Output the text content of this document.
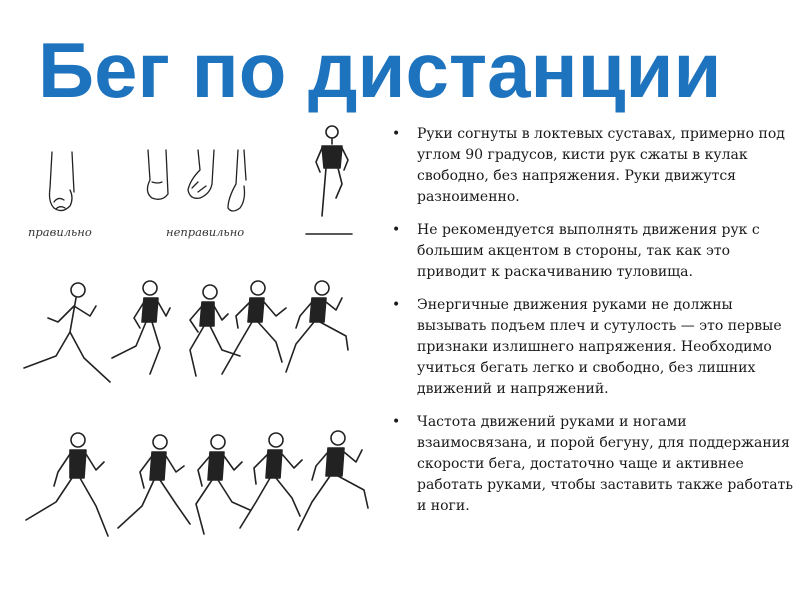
Бег по дистанции
правильно	неправильно
• Руки согнуты в локтевых суставах, примерно под углом 90 градусов, кисти рук сжаты в кулак свободно, без напряжения. Руки движутся разноименно.
• Не рекомендуется выполнять движения рук с большим акцентом в стороны, так как это приводит к раскачиванию туловища.
• Энергичные движения руками не должны вызывать подъем плеч и сутулость — это первые признаки излишнего напряжения. Необходимо учиться бегать легко и свободно, без лишних движений и напряжений.
• Частота движений руками и ногами взаимосвязана, и порой бегуну, для поддержания скорости бега, достаточно чаще и активнее работать руками, чтобы заставить также работать и ноги.
